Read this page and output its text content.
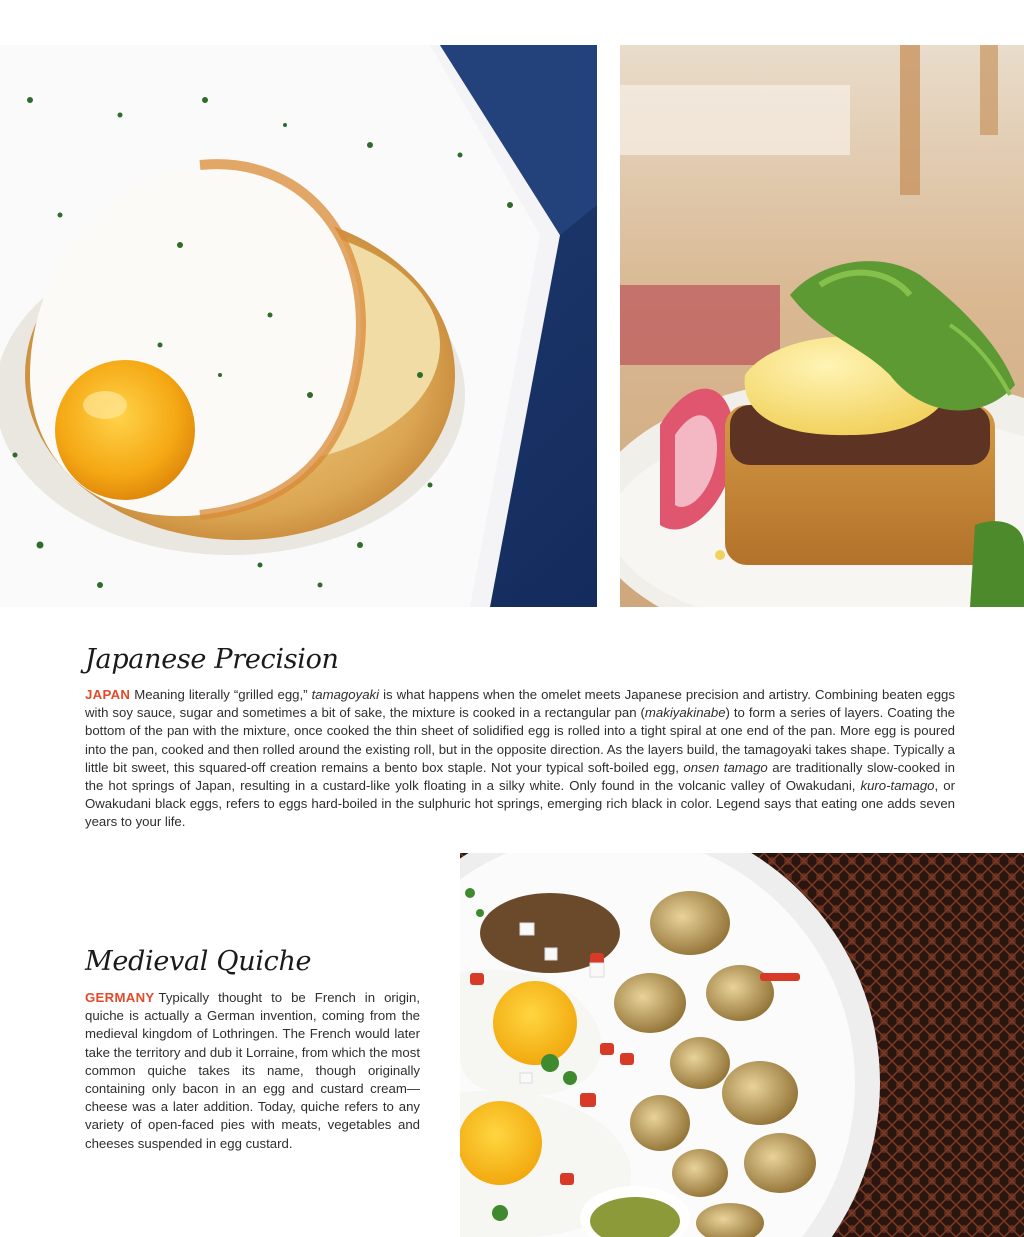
Japanese Precision

JAPAN Meaning literally “grilled egg,” tamagoyaki is what happens when the omelet meets Japanese precision and artistry. Combining beaten eggs with soy sauce, sugar and sometimes a bit of sake, the mixture is cooked in a rectangular pan (makiyakinabe) to form a series of layers. Coating the bottom of the pan with the mixture, once cooked the thin sheet of solidified egg is rolled into a tight spiral at one end of the pan. More egg is poured into the pan, cooked and then rolled around the existing roll, but in the opposite direction. As the layers build, the tamagoyaki takes shape. Typically a little bit sweet, this squared-off creation remains a bento box staple. Not your typical soft-boiled egg, onsen tamago are traditionally slow-cooked in the hot springs of Japan, resulting in a custard-like yolk floating in a silky white. Only found in the volcanic valley of Owakudani, kuro-tamago, or Owakudani black eggs, refers to eggs hard-boiled in the sulphuric hot springs, emerging rich black in color. Legend says that eating one adds seven years to your life.

Medieval Quiche

GERMANY Typically thought to be French in origin, quiche is actually a German invention, coming from the medieval kingdom of Lothringen. The French would later take the territory and dub it Lorraine, from which the most common quiche takes its name, though originally containing only bacon in an egg and custard cream—cheese was a later addition. Today, quiche refers to any variety of open-faced pies with meats, vegetables and cheeses suspended in egg custard.
